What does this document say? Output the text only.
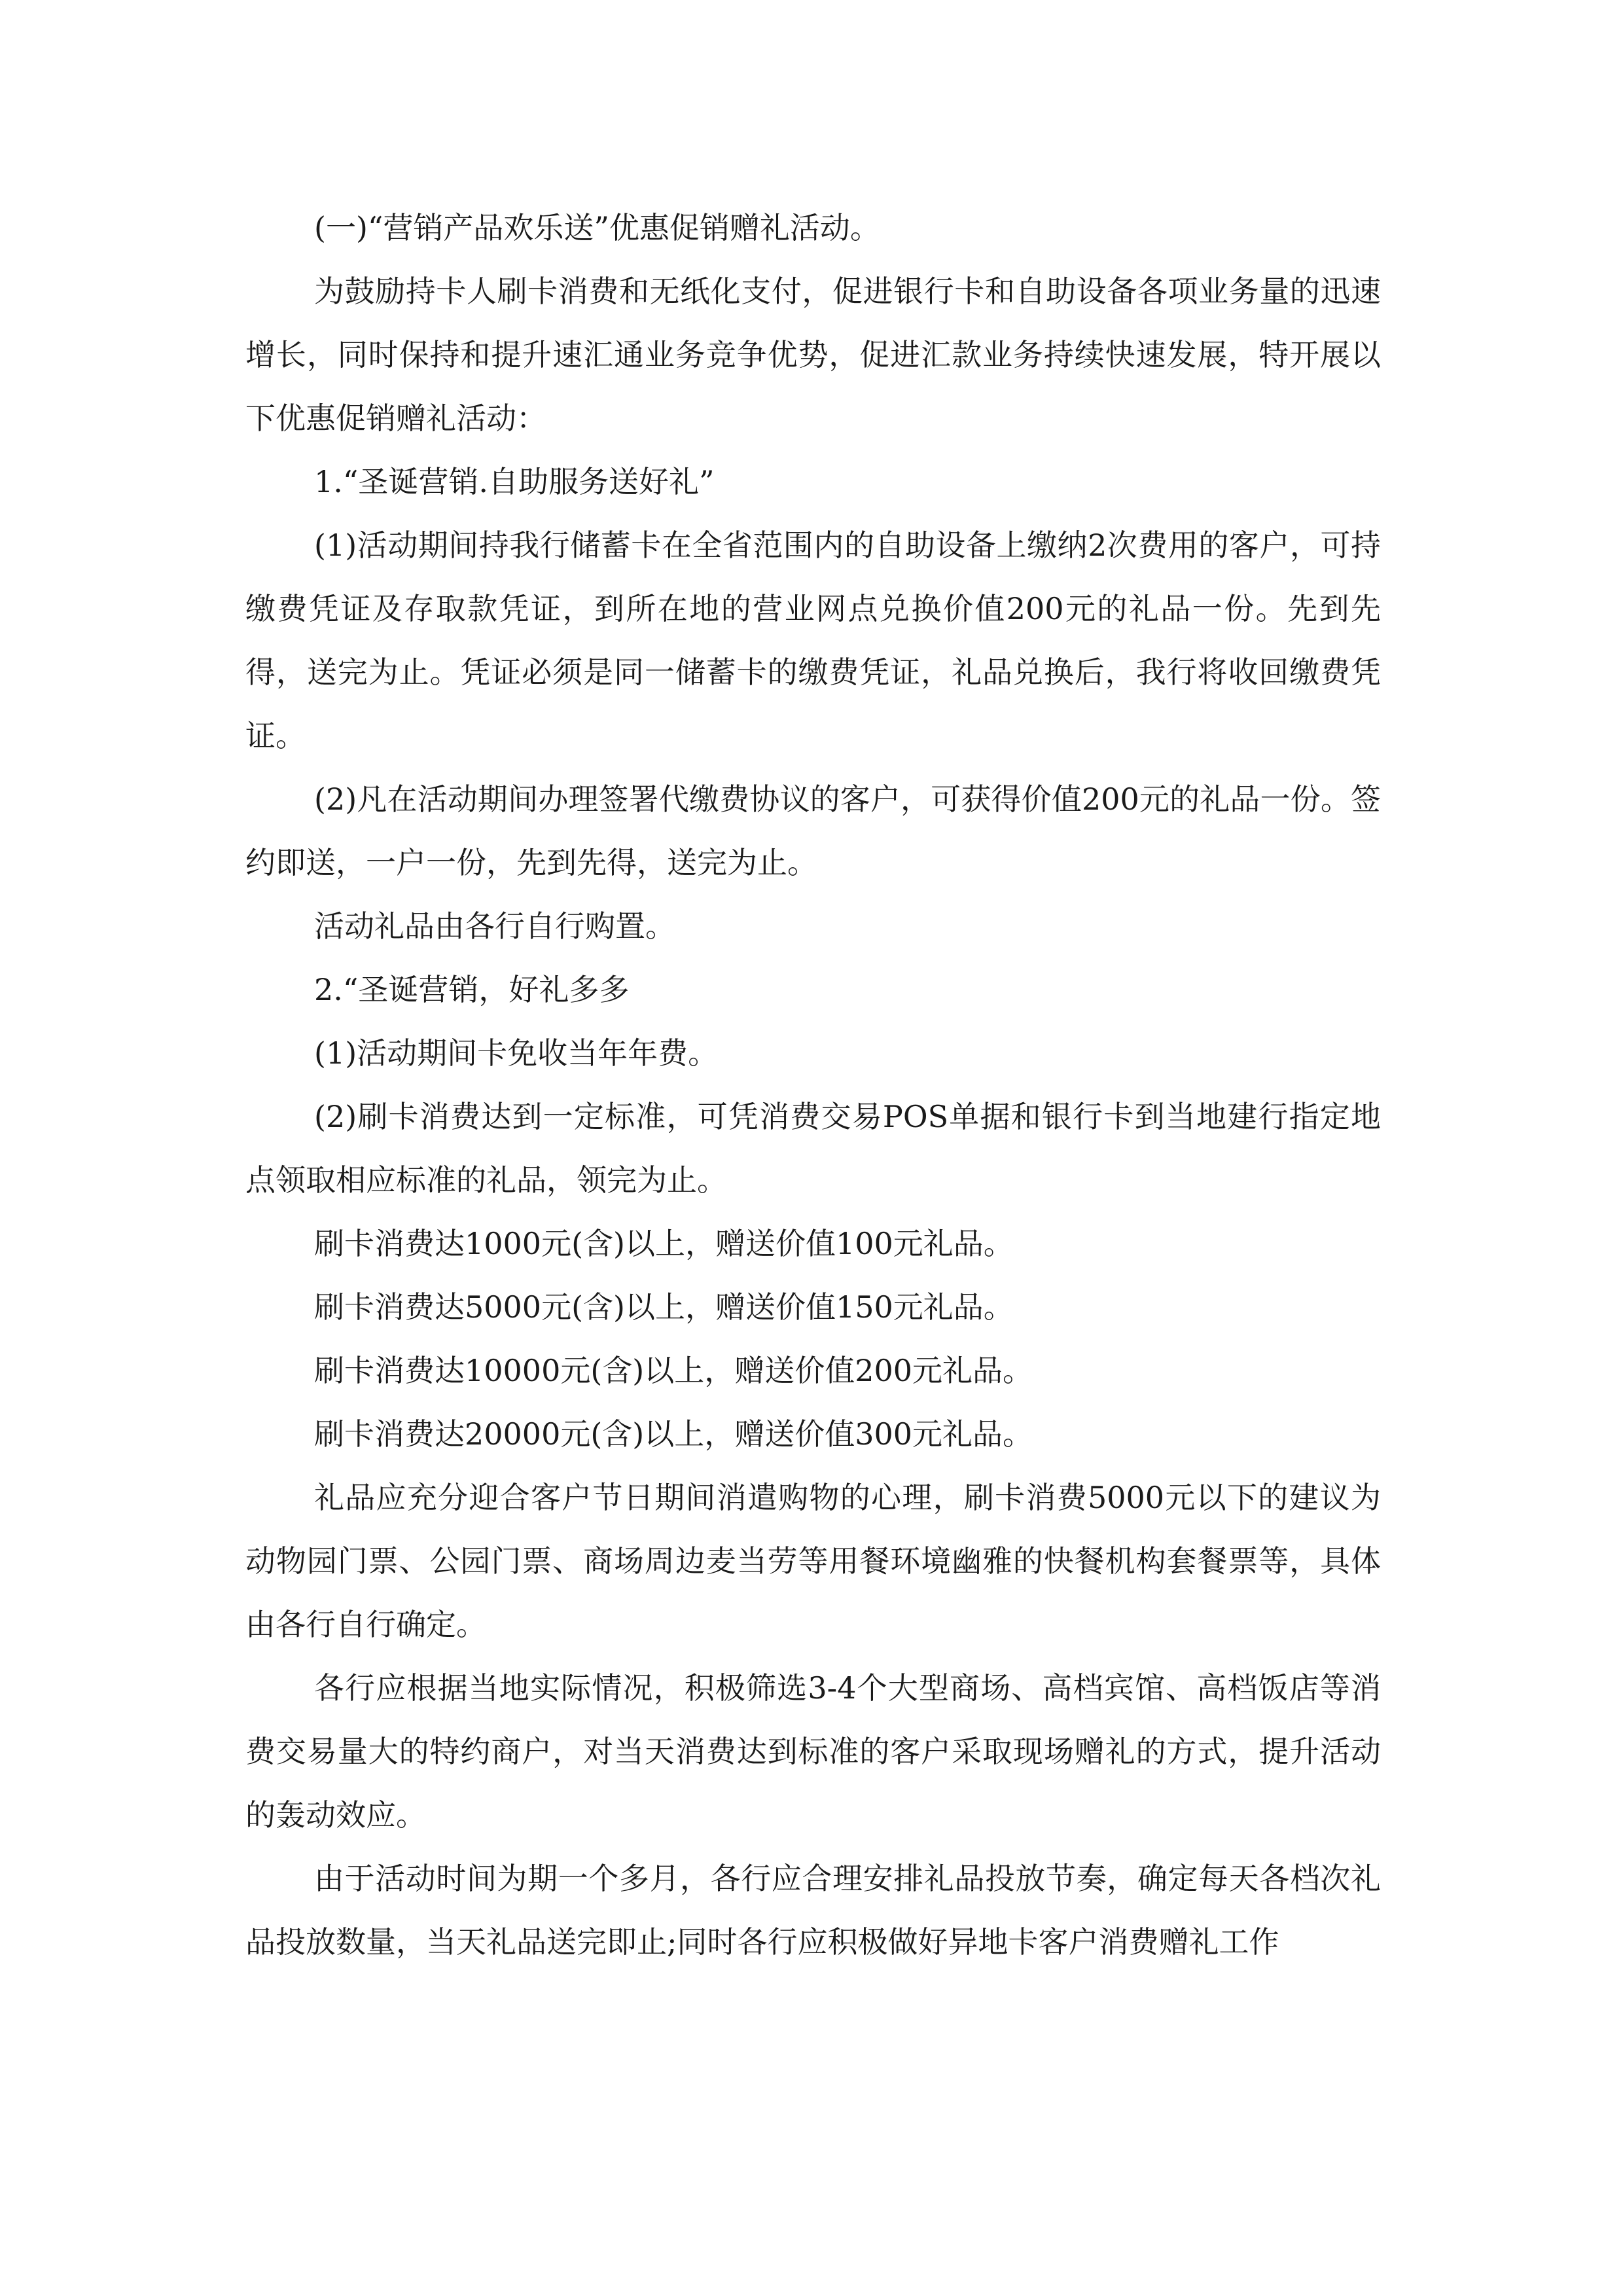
(一)“营销产品欢乐送”优惠促销赠礼活动。

为鼓励持卡人刷卡消费和无纸化支付，促进银行卡和自助设备各项业务量的迅速增长，同时保持和提升速汇通业务竞争优势，促进汇款业务持续快速发展，特开展以下优惠促销赠礼活动：

1.“圣诞营销.自助服务送好礼”

(1)活动期间持我行储蓄卡在全省范围内的自助设备上缴纳2次费用的客户，可持缴费凭证及存取款凭证，到所在地的营业网点兑换价值200元的礼品一份。先到先得，送完为止。凭证必须是同一储蓄卡的缴费凭证，礼品兑换后，我行将收回缴费凭证。

(2)凡在活动期间办理签署代缴费协议的客户，可获得价值200元的礼品一份。签约即送，一户一份，先到先得，送完为止。

活动礼品由各行自行购置。

2.“圣诞营销，好礼多多

(1)活动期间卡免收当年年费。

(2)刷卡消费达到一定标准，可凭消费交易POS单据和银行卡到当地建行指定地点领取相应标准的礼品，领完为止。

刷卡消费达1000元(含)以上，赠送价值100元礼品。

刷卡消费达5000元(含)以上，赠送价值150元礼品。

刷卡消费达10000元(含)以上，赠送价值200元礼品。

刷卡消费达20000元(含)以上，赠送价值300元礼品。

礼品应充分迎合客户节日期间消遣购物的心理，刷卡消费5000元以下的建议为动物园门票、公园门票、商场周边麦当劳等用餐环境幽雅的快餐机构套餐票等，具体由各行自行确定。

各行应根据当地实际情况，积极筛选3-4个大型商场、高档宾馆、高档饭店等消费交易量大的特约商户，对当天消费达到标准的客户采取现场赠礼的方式，提升活动的轰动效应。

由于活动时间为期一个多月，各行应合理安排礼品投放节奏，确定每天各档次礼品投放数量，当天礼品送完即止;同时各行应积极做好异地卡客户消费赠礼工作
